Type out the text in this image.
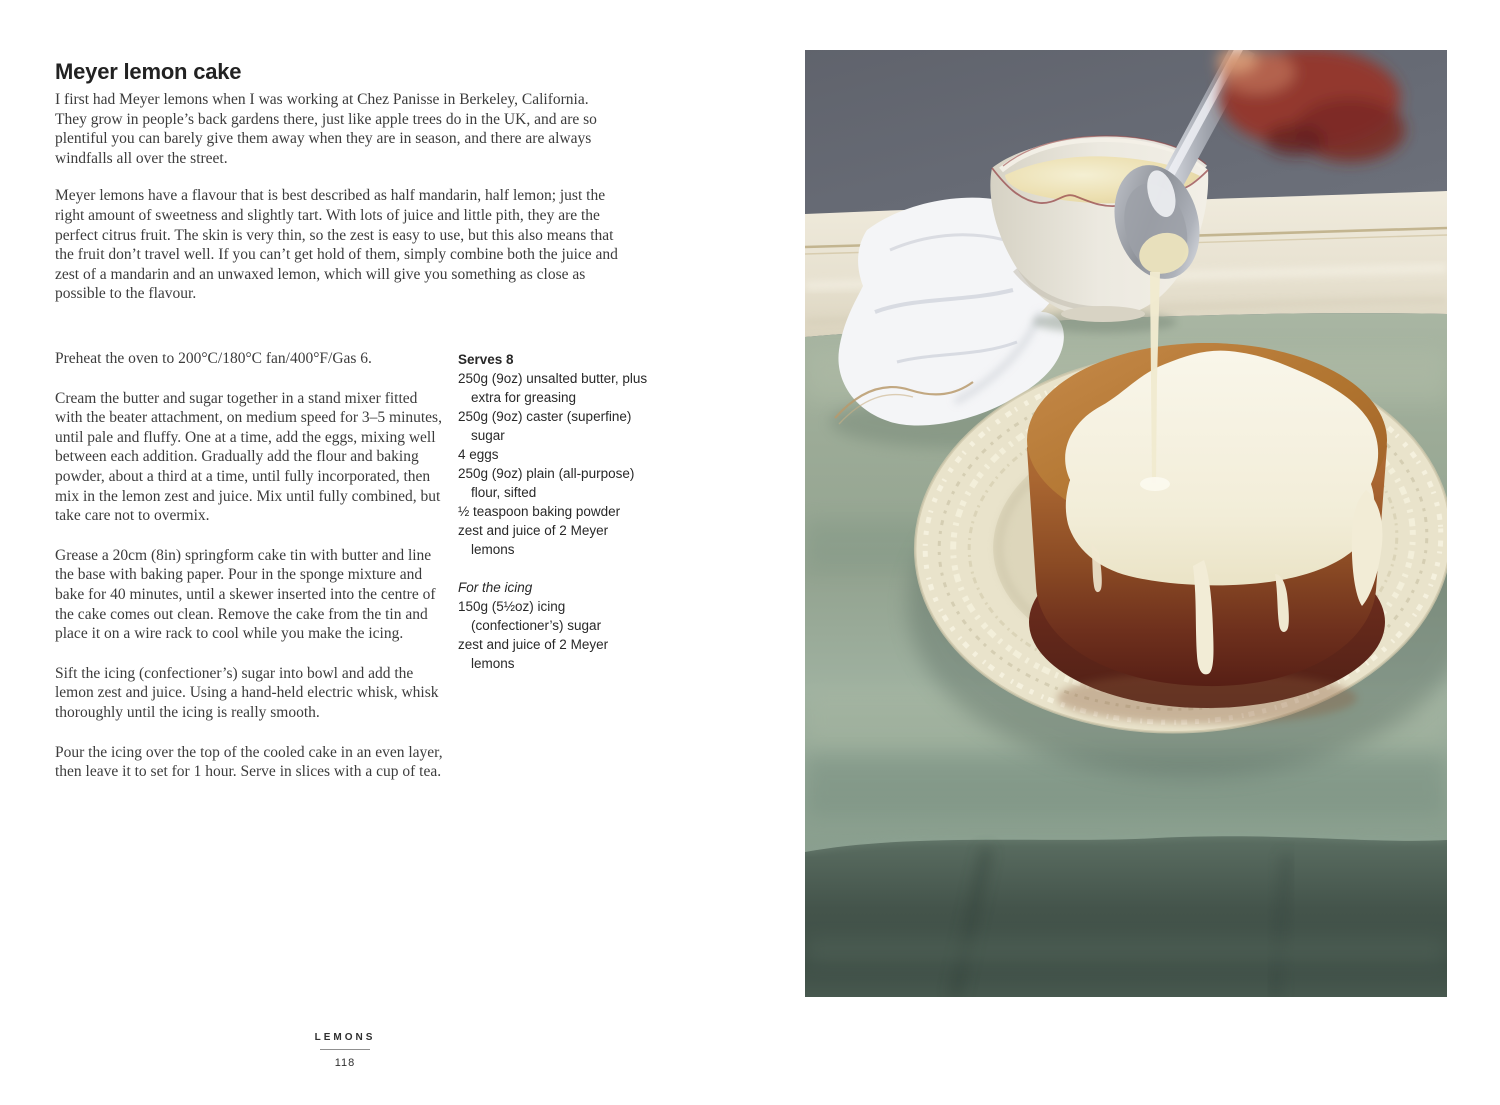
Meyer lemon cake

I first had Meyer lemons when I was working at Chez Panisse in Berkeley, California. They grow in people’s back gardens there, just like apple trees do in the UK, and are so plentiful you can barely give them away when they are in season, and there are always windfalls all over the street.

Meyer lemons have a flavour that is best described as half mandarin, half lemon; just the right amount of sweetness and slightly tart. With lots of juice and little pith, they are the perfect citrus fruit. The skin is very thin, so the zest is easy to use, but this also means that the fruit don’t travel well. If you can’t get hold of them, simply combine both the juice and zest of a mandarin and an unwaxed lemon, which will give you something as close as possible to the flavour.

Preheat the oven to 200°C/180°C fan/400°F/Gas 6.

Cream the butter and sugar together in a stand mixer fitted with the beater attachment, on medium speed for 3–5 minutes, until pale and fluffy. One at a time, add the eggs, mixing well between each addition. Gradually add the flour and baking powder, about a third at a time, until fully incorporated, then mix in the lemon zest and juice. Mix until fully combined, but take care not to overmix.

Grease a 20cm (8in) springform cake tin with butter and line the base with baking paper. Pour in the sponge mixture and bake for 40 minutes, until a skewer inserted into the centre of the cake comes out clean. Remove the cake from the tin and place it on a wire rack to cool while you make the icing.

Sift the icing (confectioner’s) sugar into bowl and add the lemon zest and juice. Using a hand-held electric whisk, whisk thoroughly until the icing is really smooth.

Pour the icing over the top of the cooled cake in an even layer, then leave it to set for 1 hour. Serve in slices with a cup of tea.

Serves 8
250g (9oz) unsalted butter, plus extra for greasing
250g (9oz) caster (superfine) sugar
4 eggs
250g (9oz) plain (all-purpose) flour, sifted
½ teaspoon baking powder
zest and juice of 2 Meyer lemons
For the icing
150g (5½oz) icing (confectioner’s) sugar
zest and juice of 2 Meyer lemons
LEMONS
118
